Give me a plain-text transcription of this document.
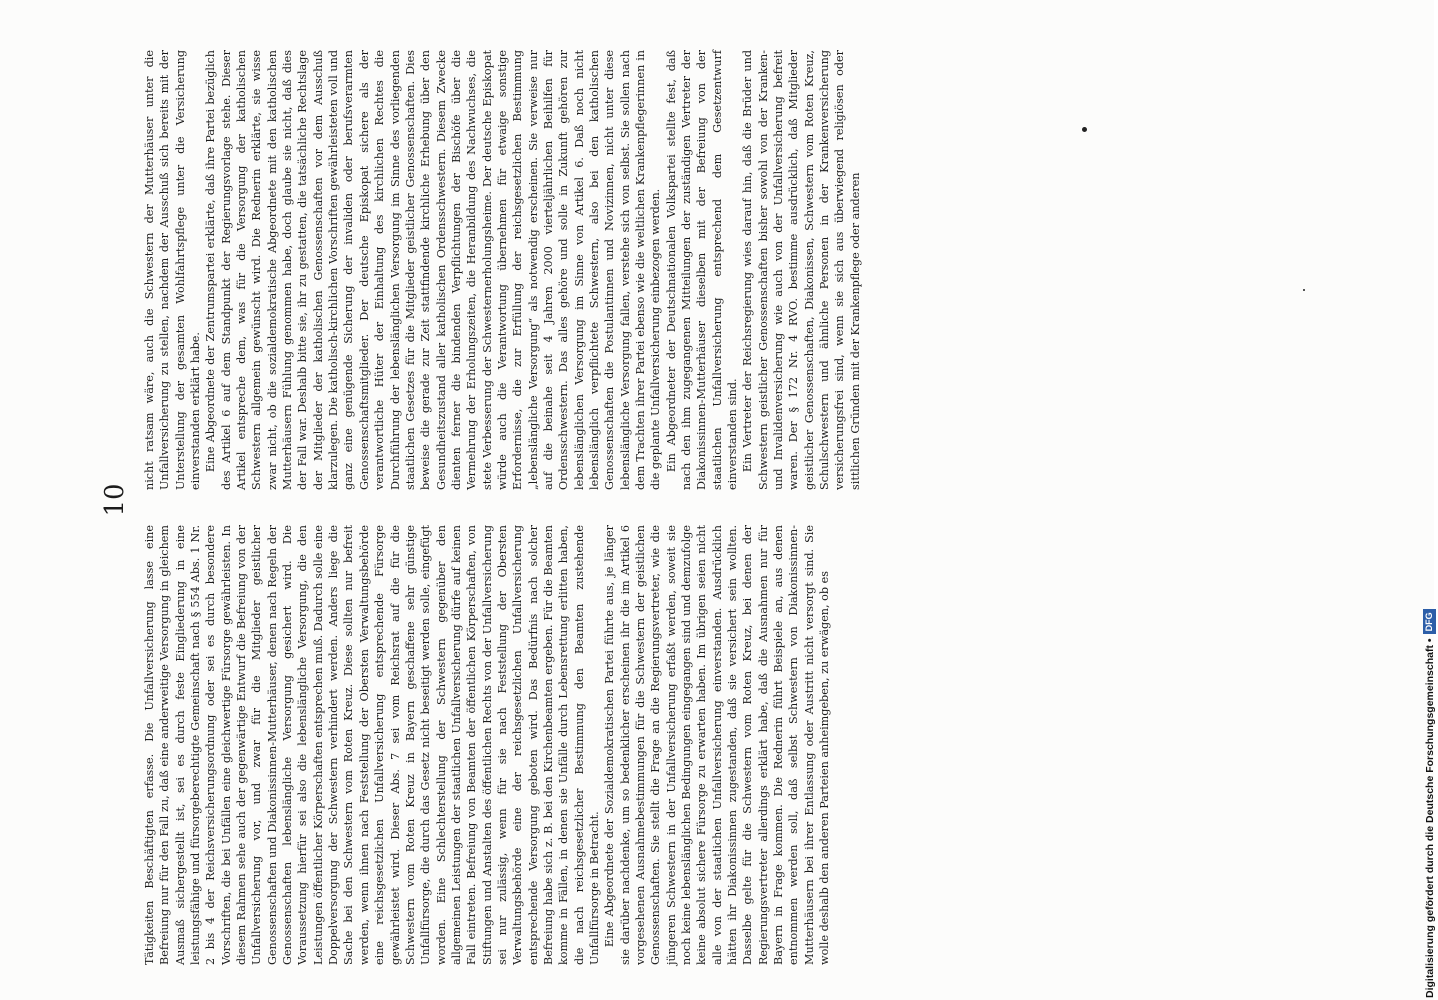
10

Tätigkeiten Beschäftigten erfasse. Die Unfallversicherung lasse eine Befreiung nur für den Fall zu, daß eine anderweitige Versorgung in gleichem Ausmaß sichergestellt ist, sei es durch feste Eingliederung in eine leistungsfähige und fürsorgeberechtigte Gemeinschaft nach § 554 Abs. 1 Nr. 2 bis 4 der Reichsversicherungsordnung oder sei es durch besondere Vorschriften, die bei Unfällen eine gleichwertige Fürsorge gewährleisten. In diesem Rahmen sehe auch der gegenwärtige Entwurf die Befreiung von der Unfallversicherung vor, und zwar für die Mitglieder geistlicher Genossenschaften und Diakonissinnen-Mutterhäuser, denen nach Regeln der Genossenschaften lebenslängliche Versorgung gesichert wird. Die Voraussetzung hierfür sei also die lebenslängliche Versorgung, die den Leistungen öffentlicher Körperschaften entsprechen muß. Dadurch solle eine Doppelversorgung der Schwestern verhindert werden. Anders liege die Sache bei den Schwestern vom Roten Kreuz. Diese sollten nur befreit werden, wenn ihnen nach Feststellung der Obersten Verwaltungsbehörde eine reichsgesetzlichen Unfallversicherung entsprechende Fürsorge gewährleistet wird. Dieser Abs. 7 sei vom Reichsrat auf die für die Schwestern vom Roten Kreuz in Bayern geschaffene sehr günstige Unfallfürsorge, die durch das Gesetz nicht beseitigt werden solle, eingefügt worden. Eine Schlechterstellung der Schwestern gegenüber den allgemeinen Leistungen der staatlichen Unfallversicherung dürfe auf keinen Fall eintreten. Befreiung von Beamten der öffentlichen Körperschaften, von Stiftungen und Anstalten des öffentlichen Rechts von der Unfallversicherung sei nur zulässig, wenn für sie nach Feststellung der Obersten Verwaltungsbehörde eine der reichsgesetzlichen Unfallversicherung entsprechende Versorgung geboten wird. Das Bedürfnis nach solcher Befreiung habe sich z. B. bei den Kirchenbeamten ergeben. Für die Beamten komme in Fällen, in denen sie Unfälle durch Lebensrettung erlitten haben, die nach reichsgesetzlicher Bestimmung den Beamten zustehende Unfallfürsorge in Betracht. Eine Abgeordnete der Sozialdemokratischen Partei führte aus, je länger sie darüber nachdenke, um so bedenklicher erscheinen ihr die im Artikel 6 vorgesehenen Ausnahmebestimmungen für die Schwestern der geistlichen Genossenschaften. Sie stellt die Frage an die Regierungsvertreter, wie die jüngeren Schwestern in der Unfallversicherung erfaßt werden, soweit sie noch keine lebenslänglichen Bedingungen eingegangen sind und demzufolge keine absolut sichere Fürsorge zu erwarten haben. Im übrigen seien nicht alle von der staatlichen Unfallversicherung einverstanden. Ausdrücklich hätten ihr Diakonissinnen zugestanden, daß sie versichert sein wollten. Dasselbe gelte für die Schwestern vom Roten Kreuz, bei denen der Regierungsvertreter allerdings erklärt habe, daß die Ausnahmen nur für Bayern in Frage kommen. Die Rednerin führt Beispiele an, aus denen entnommen werden soll, daß selbst Schwestern von Diakonissinnen-Mutterhäusern bei ihrer Entlassung oder Austritt nicht versorgt sind. Sie wolle deshalb den anderen Parteien anheimgeben, zu erwägen, ob es

nicht ratsam wäre, auch die Schwestern der Mutterhäuser unter die Unfallversicherung zu stellen, nachdem der Ausschuß sich bereits mit der Unterstellung der gesamten Wohlfahrtspflege unter die Versicherung einverstanden erklärt habe. Eine Abgeordnete der Zentrumspartei erklärte, daß ihre Partei bezüglich des Artikel 6 auf dem Standpunkt der Regierungsvorlage stehe. Dieser Artikel entspreche dem, was für die Versorgung der katholischen Schwestern allgemein gewünscht wird. Die Rednerin erklärte, sie wisse zwar nicht, ob die sozialdemokratische Abgeordnete mit den katholischen Mutterhäusern Fühlung genommen habe, doch glaube sie nicht, daß dies der Fall war. Deshalb bitte sie, ihr zu gestatten, die tatsächliche Rechtslage der Mitglieder der katholischen Genossenschaften vor dem Ausschuß klarzulegen. Die katholisch-kirchlichen Vorschriften gewährleisteten voll und ganz eine genügende Sicherung der invaliden oder berufsverarmten Genossenschaftsmitglieder. Der deutsche Episkopat sichere als der verantwortliche Hüter der Einhaltung des kirchlichen Rechtes die Durchführung der lebenslänglichen Versorgung im Sinne des vorliegenden staatlichen Gesetzes für die Mitglieder geistlicher Genossenschaften. Dies beweise die gerade zur Zeit stattfindende kirchliche Erhebung über den Gesundheitszustand aller katholischen Ordensschwestern. Diesem Zwecke dienten ferner die bindenden Verpflichtungen der Bischöfe über die Vermehrung der Erholungszeiten, die Heranbildung des Nachwuchses, die stete Verbesserung der Schwesternerholungsheime. Der deutsche Episkopat würde auch die Verantwortung übernehmen für etwaige sonstige Erfordernisse, die zur Erfüllung der reichsgesetzlichen Bestimmung „lebenslängliche Versorgung“ als notwendig erscheinen. Sie verweise nur auf die beinahe seit 4 Jahren 2000 vierteljährlichen Beihilfen für Ordensschwestern. Das alles gehöre und solle in Zukunft gehören zur lebenslänglichen Versorgung im Sinne von Artikel 6. Daß noch nicht lebenslänglich verpflichtete Schwestern, also bei den katholischen Genossenschaften die Postulantinnen und Novizinnen, nicht unter diese lebenslängliche Versorgung fallen, verstehe sich von selbst. Sie sollen nach dem Trachten ihrer Partei ebenso wie die weltlichen Krankenpflegerinnen in die geplante Unfallversicherung einbezogen werden. Ein Abgeordneter der Deutschnationalen Volkspartei stellte fest, daß nach den ihm zugegangenen Mitteilungen der zuständigen Vertreter der Diakonissinnen-Mutterhäuser dieselben mit der Befreiung von der staatlichen Unfallversicherung entsprechend dem Gesetzentwurf einverstanden sind. Ein Vertreter der Reichsregierung wies darauf hin, daß die Brüder und Schwestern geistlicher Genossenschaften bisher sowohl von der Kranken- und Invalidenversicherung wie auch von der Unfallversicherung befreit waren. Der § 172 Nr. 4 RVO. bestimme ausdrücklich, daß Mitglieder geistlicher Genossenschaften, Diakonissen, Schwestern vom Roten Kreuz, Schulschwestern und ähnliche Personen in der Krankenversicherung versicherungsfrei sind, wenn sie sich aus überwiegend religiösen oder sittlichen Gründen mit der Krankenpflege oder anderen

Digitalisierung gefördert durch die Deutsche Forschungsgemeinschaft •DFG
